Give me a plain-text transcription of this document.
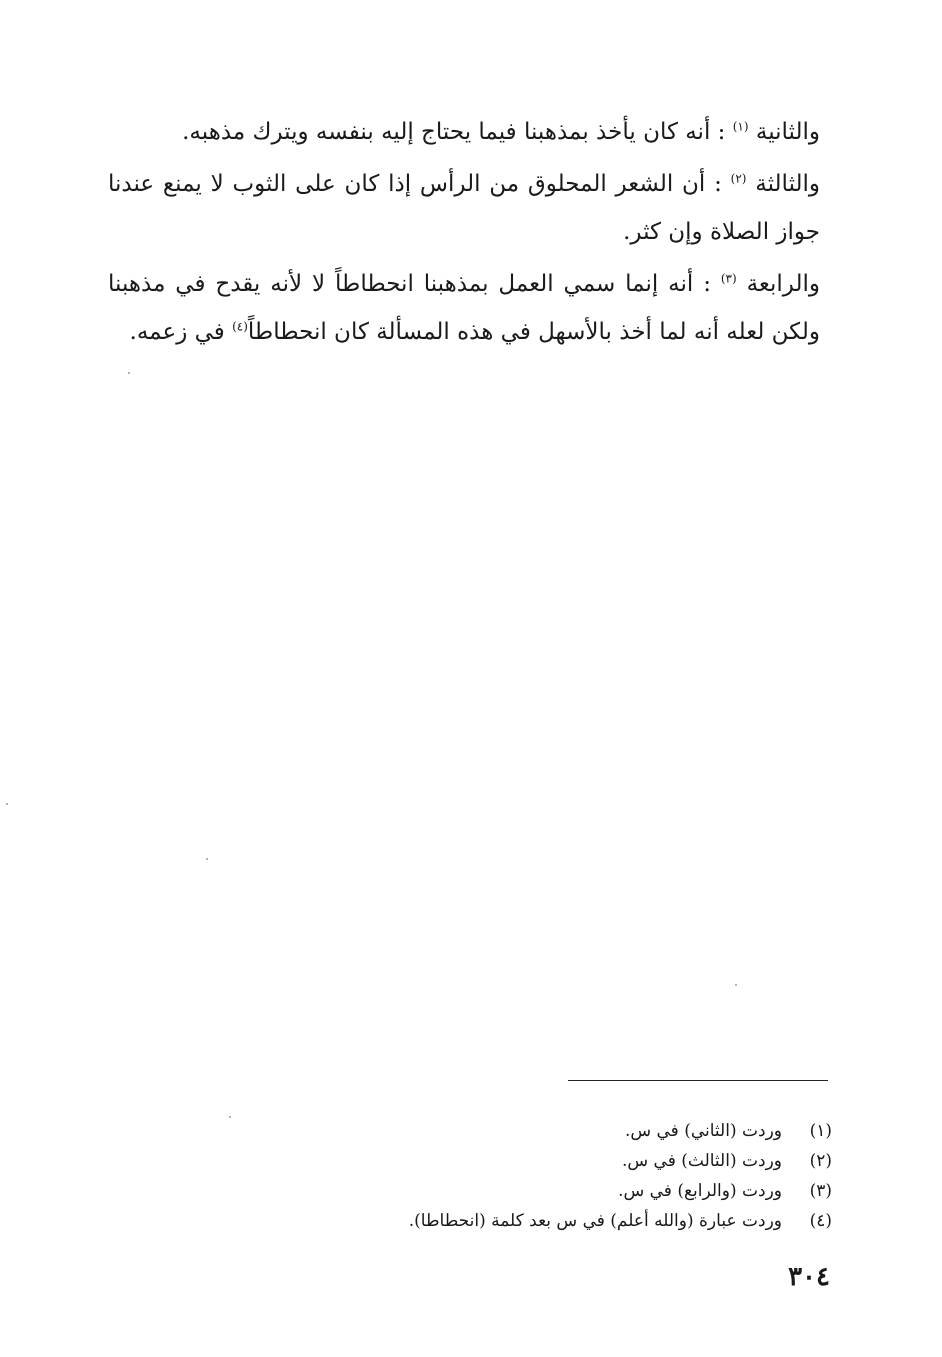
والثانية $^{(١)}$ : أنه كان يأخذ بمذهبنا فيما يحتاج إليه بنفسه ويترك مذهبه.

والثالثة $^{(٢)}$ : أن الشعر المحلوق من الرأس إذا كان على الثوب لا يمنع عندنا جواز الصلاة وإن كثر.

والرابعة $^{(٣)}$ : أنه إنما سمي العمل بمذهبنا انحطاطاً لا لأنه يقدح في مذهبنا ولكن لعله أنه لما أخذ بالأسهل في هذه المسألة كان انحطاطاً$^{(٤)}$ في زعمه.

(١)
وردت (الثاني) في س.
(٢)
وردت (الثالث) في س.
(٣)
وردت (والرابع) في س.
(٤)
وردت عبارة (والله أعلم) في س بعد كلمة (انحطاطا).
٣٠٤
